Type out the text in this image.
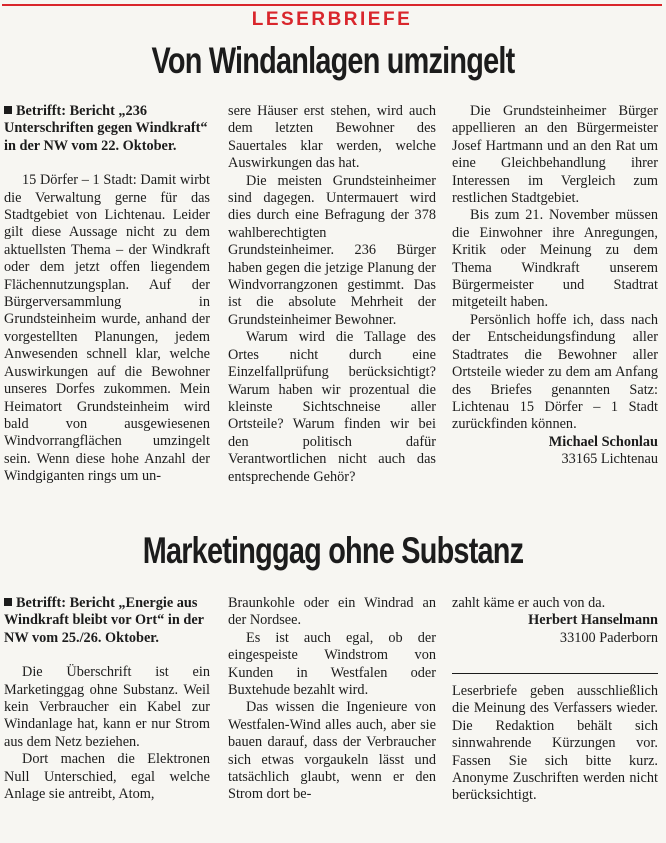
LESERBRIEFE
Von Windanlagen umzingelt

Betrifft: Bericht „236 Unterschriften gegen Windkraft“ in der NW vom 22. Oktober.

15 Dörfer – 1 Stadt: Damit wirbt die Verwaltung gerne für das Stadtgebiet von Lichtenau. Leider gilt diese Aussage nicht zu dem aktuellsten Thema – der Windkraft oder dem jetzt offen liegendem Flächennutzungsplan. Auf der Bürgerversammlung in Grundsteinheim wurde, anhand der vorgestellten Planungen, jedem Anwesenden schnell klar, welche Auswirkungen auf die Bewohner unseres Dorfes zukommen. Mein Heimatort Grundsteinheim wird bald von ausgewiesenen Windvorrangflächen umzingelt sein. Wenn diese hohe Anzahl der Windgiganten rings um un-

sere Häuser erst stehen, wird auch dem letzten Bewohner des Sauertales klar werden, welche Auswirkungen das hat.

Die meisten Grundsteinheimer sind dagegen. Untermauert wird dies durch eine Befragung der 378 wahlberechtigten Grundsteinheimer. 236 Bürger haben gegen die jetzige Planung der Windvorrangzonen gestimmt. Das ist die absolute Mehrheit der Grundsteinheimer Bewohner.

Warum wird die Tallage des Ortes nicht durch eine Einzelfallprüfung berücksichtigt? Warum haben wir prozentual die kleinste Sichtschneise aller Ortsteile? Warum finden wir bei den politisch dafür Verantwortlichen nicht auch das entsprechende Gehör?

Die Grundsteinheimer Bürger appellieren an den Bürgermeister Josef Hartmann und an den Rat um eine Gleichbehandlung ihrer Interessen im Vergleich zum restlichen Stadtgebiet.

Bis zum 21. November müssen die Einwohner ihre Anregungen, Kritik oder Meinung zu dem Thema Windkraft unserem Bürgermeister und Stadtrat mitgeteilt haben.

Persönlich hoffe ich, dass nach der Entscheidungsfindung aller Stadtrates die Bewohner aller Ortsteile wieder zu dem am Anfang des Briefes genannten Satz: Lichtenau 15 Dörfer – 1 Stadt zurückfinden können.

Michael Schonlau

33165 Lichtenau

Marketinggag ohne Substanz

Betrifft: Bericht „Energie aus Windkraft bleibt vor Ort“ in der NW vom 25./26. Oktober.

Die Überschrift ist ein Marketinggag ohne Substanz. Weil kein Verbraucher ein Kabel zur Windanlage hat, kann er nur Strom aus dem Netz beziehen.

Dort machen die Elektronen Null Unterschied, egal welche Anlage sie antreibt, Atom,

Braunkohle oder ein Windrad an der Nordsee.

Es ist auch egal, ob der eingespeiste Windstrom von Kunden in Westfalen oder Buxtehude bezahlt wird.

Das wissen die Ingenieure von Westfalen-Wind alles auch, aber sie bauen darauf, dass der Verbraucher sich etwas vorgaukeln lässt und tatsächlich glaubt, wenn er den Strom dort be-

zahlt käme er auch von da.

Herbert Hanselmann

33100 Paderborn

Leserbriefe geben ausschließlich die Meinung des Verfassers wieder. Die Redaktion behält sich sinnwahrende Kürzungen vor. Fassen Sie sich bitte kurz. Anonyme Zuschriften werden nicht berücksichtigt.
